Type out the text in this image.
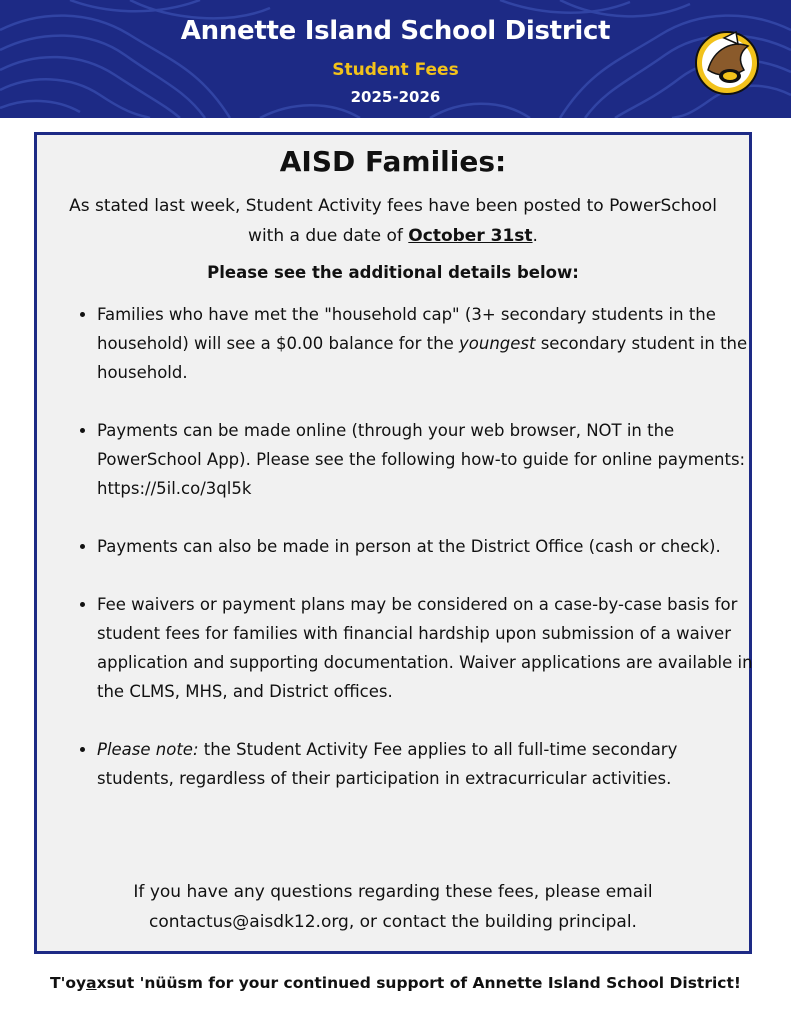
Annette Island School District
Student Fees
2025-2026
AISD Families:
As stated last week, Student Activity fees have been posted to PowerSchool with a due date of October 31st.
Please see the additional details below:
• Families who have met the "household cap" (3+ secondary students in the household) will see a $0.00 balance for the youngest secondary student in the household.
• Payments can be made online (through your web browser, NOT in the PowerSchool App). Please see the following how-to guide for online payments: https://5il.co/3ql5k
• Payments can also be made in person at the District Office (cash or check).
• Fee waivers or payment plans may be considered on a case-by-case basis for student fees for families with financial hardship upon submission of a waiver application and supporting documentation. Waiver applications are available in the CLMS, MHS, and District offices.
• Please note: the Student Activity Fee applies to all full-time secondary students, regardless of their participation in extracurricular activities.
If you have any questions regarding these fees, please email contactus@aisdk12.org, or contact the building principal.
T'oyaxsut 'nüüsm for your continued support of Annette Island School District!
